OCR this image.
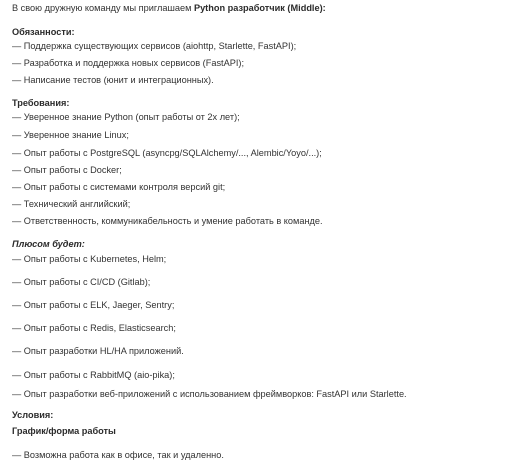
В свою дружную команду мы приглашаем Python разработчик (Middle):
Обязанности:
— Поддержка существующих сервисов (aiohttp, Starlette, FastAPI);
— Разработка и поддержка новых сервисов (FastAPI);
— Написание тестов (юнит и интеграционных).
Требования:
— Уверенное знание Python (опыт работы от 2х лет);
— Уверенное знание Linux;
— Опыт работы с PostgreSQL (asyncpg/SQLAlchemy/..., Alembic/Yoyo/...);
— Опыт работы с Docker;
— Опыт работы с системами контроля версий git;
— Технический английский;
— Ответственность, коммуникабельность и умение работать в команде.
Плюсом будет:
— Опыт работы с Kubernetes, Helm;
— Опыт работы с CI/CD (Gitlab);
— Опыт работы с ELK, Jaeger, Sentry;
— Опыт работы с Redis, Elasticsearch;
— Опыт разработки HL/HA приложений.
— Опыт работы с RabbitMQ (aio-pika);
— Опыт разработки веб-приложений с использованием фреймворков: FastAPI или Starlette.
Условия:
График/форма работы
— Возможна работа как в офисе, так и удаленно.
